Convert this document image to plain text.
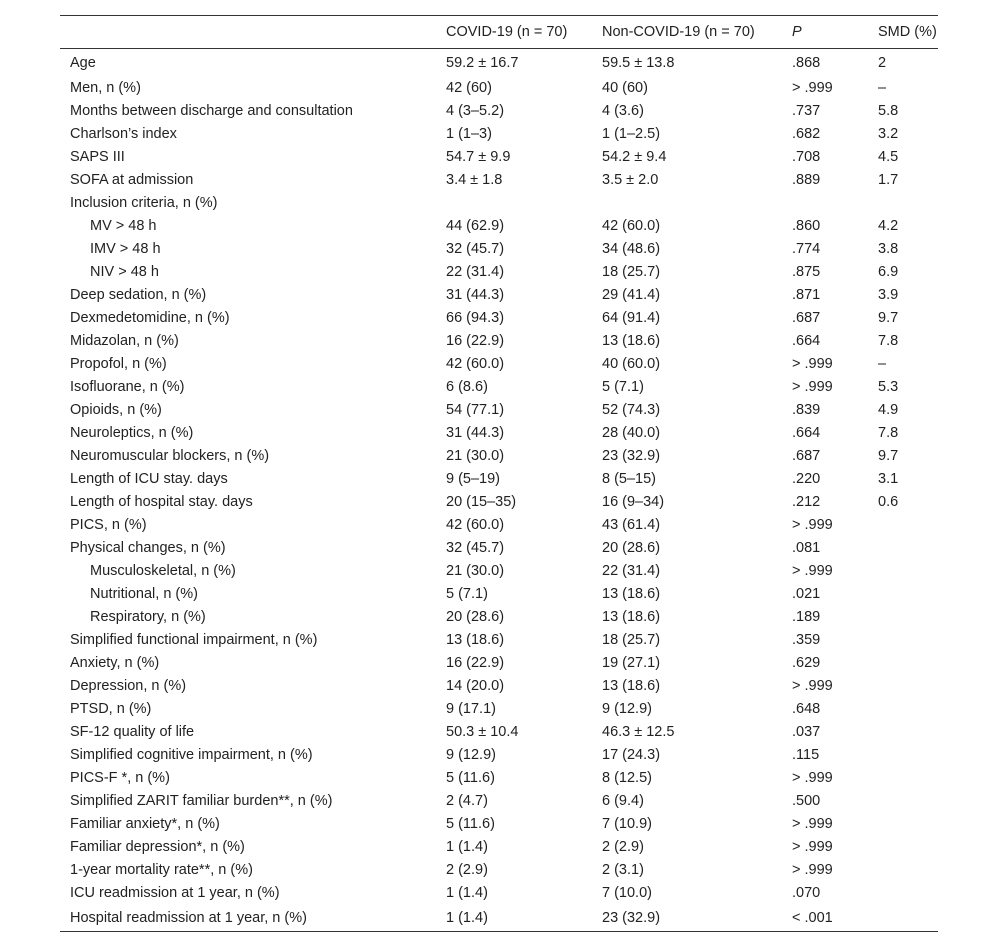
	COVID-19 (n = 70)	Non-COVID-19 (n = 70)	P	SMD (%)
Age	59.2 ± 16.7	59.5 ± 13.8	.868	2
Men, n (%)	42 (60)	40 (60)	> .999	–
Months between discharge and consultation	4 (3–5.2)	4 (3.6)	.737	5.8
Charlson’s index	1 (1–3)	1 (1–2.5)	.682	3.2
SAPS III	54.7 ± 9.9	54.2 ± 9.4	.708	4.5
SOFA at admission	3.4 ± 1.8	3.5 ± 2.0	.889	1.7
Inclusion criteria, n (%)				
MV > 48 h	44 (62.9)	42 (60.0)	.860	4.2
IMV > 48 h	32 (45.7)	34 (48.6)	.774	3.8
NIV > 48 h	22 (31.4)	18 (25.7)	.875	6.9
Deep sedation, n (%)	31 (44.3)	29 (41.4)	.871	3.9
Dexmedetomidine, n (%)	66 (94.3)	64 (91.4)	.687	9.7
Midazolan, n (%)	16 (22.9)	13 (18.6)	.664	7.8
Propofol, n (%)	42 (60.0)	40 (60.0)	> .999	–
Isofluorane, n (%)	6 (8.6)	5 (7.1)	> .999	5.3
Opioids, n (%)	54 (77.1)	52 (74.3)	.839	4.9
Neuroleptics, n (%)	31 (44.3)	28 (40.0)	.664	7.8
Neuromuscular blockers, n (%)	21 (30.0)	23 (32.9)	.687	9.7
Length of ICU stay. days	9 (5–19)	8 (5–15)	.220	3.1
Length of hospital stay. days	20 (15–35)	16 (9–34)	.212	0.6
PICS, n (%)	42 (60.0)	43 (61.4)	> .999	
Physical changes, n (%)	32 (45.7)	20 (28.6)	.081	
Musculoskeletal, n (%)	21 (30.0)	22 (31.4)	> .999	
Nutritional, n (%)	5 (7.1)	13 (18.6)	.021	
Respiratory, n (%)	20 (28.6)	13 (18.6)	.189	
Simplified functional impairment, n (%)	13 (18.6)	18 (25.7)	.359	
Anxiety, n (%)	16 (22.9)	19 (27.1)	.629	
Depression, n (%)	14 (20.0)	13 (18.6)	> .999	
PTSD, n (%)	9 (17.1)	9 (12.9)	.648	
SF-12 quality of life	50.3 ± 10.4	46.3 ± 12.5	.037	
Simplified cognitive impairment, n (%)	9 (12.9)	17 (24.3)	.115	
PICS-F *, n (%)	5 (11.6)	8 (12.5)	> .999	
Simplified ZARIT familiar burden**, n (%)	2 (4.7)	6 (9.4)	.500	
Familiar anxiety*, n (%)	5 (11.6)	7 (10.9)	> .999	
Familiar depression*, n (%)	1 (1.4)	2 (2.9)	> .999	
1-year mortality rate**, n (%)	2 (2.9)	2 (3.1)	> .999	
ICU readmission at 1 year, n (%)	1 (1.4)	7 (10.0)	.070	
Hospital readmission at 1 year, n (%)	1 (1.4)	23 (32.9)	< .001	
